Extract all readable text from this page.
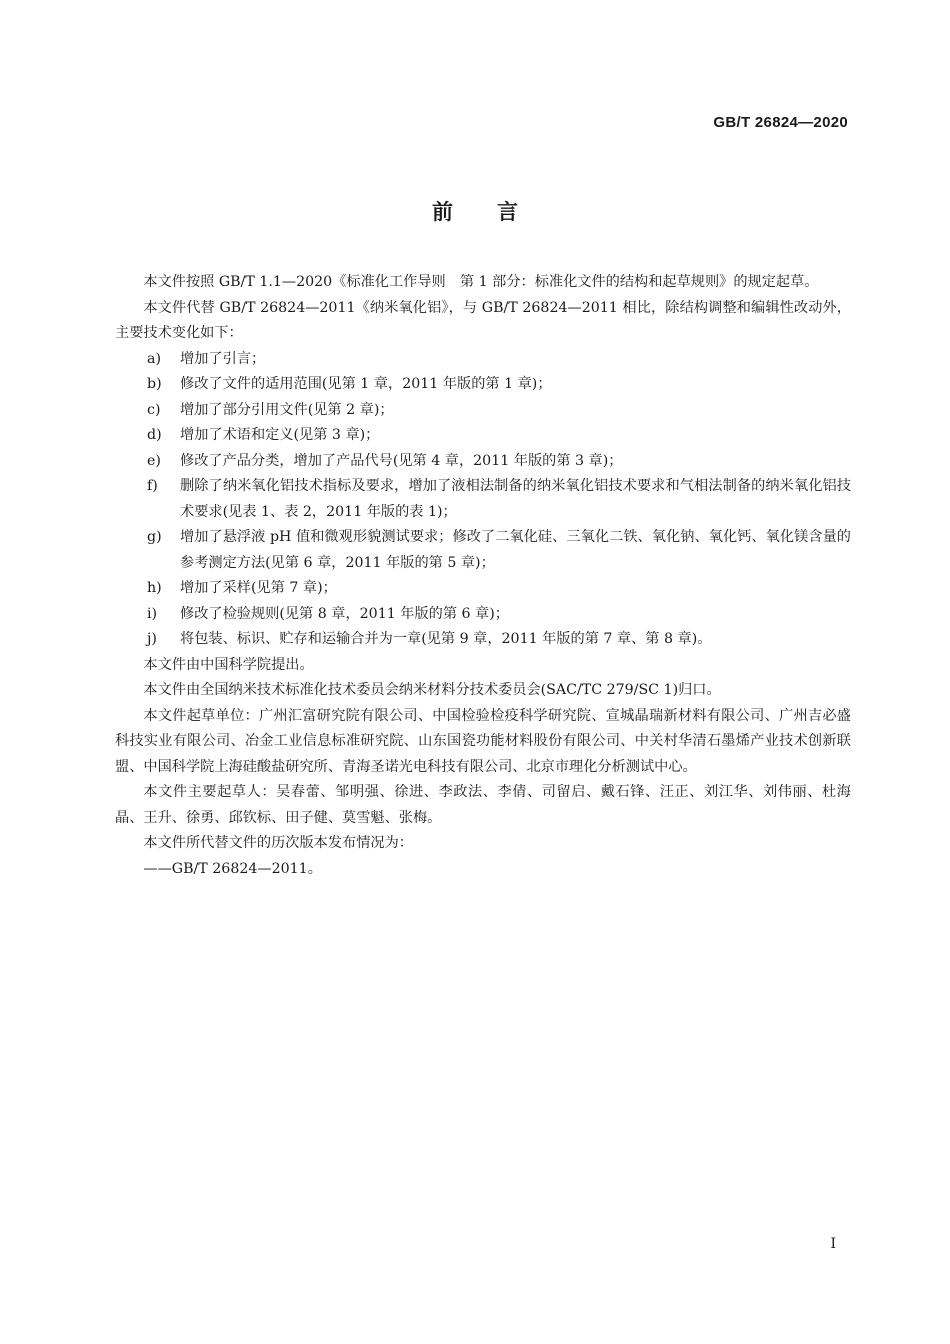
GB/T 26824—2020
前 言

本文件按照 GB/T 1.1—2020《标准化工作导则　第 1 部分：标准化文件的结构和起草规则》的规定起草。

本文件代替 GB/T 26824—2011《纳米氧化铝》，与 GB/T 26824—2011 相比，除结构调整和编辑性改动外，主要技术变化如下：

a) 增加了引言；

b) 修改了文件的适用范围(见第 1 章，2011 年版的第 1 章)；

c) 增加了部分引用文件(见第 2 章)；

d) 增加了术语和定义(见第 3 章)；

e) 修改了产品分类，增加了产品代号(见第 4 章，2011 年版的第 3 章)；

f) 删除了纳米氧化铝技术指标及要求，增加了液相法制备的纳米氧化铝技术要求和气相法制备的纳米氧化铝技术要求(见表 1、表 2，2011 年版的表 1)；

g) 增加了悬浮液 pH 值和微观形貌测试要求；修改了二氧化硅、三氧化二铁、氧化钠、氧化钙、氧化镁含量的参考测定方法(见第 6 章，2011 年版的第 5 章)；

h) 增加了采样(见第 7 章)；

i) 修改了检验规则(见第 8 章，2011 年版的第 6 章)；

j) 将包装、标识、贮存和运输合并为一章(见第 9 章，2011 年版的第 7 章、第 8 章)。

本文件由中国科学院提出。

本文件由全国纳米技术标准化技术委员会纳米材料分技术委员会(SAC/TC 279/SC 1)归口。

本文件起草单位：广州汇富研究院有限公司、中国检验检疫科学研究院、宣城晶瑞新材料有限公司、广州吉必盛科技实业有限公司、冶金工业信息标准研究院、山东国瓷功能材料股份有限公司、中关村华清石墨烯产业技术创新联盟、中国科学院上海硅酸盐研究所、青海圣诺光电科技有限公司、北京市理化分析测试中心。

本文件主要起草人：吴春蕾、邹明强、徐进、李政法、李倩、司留启、戴石锋、汪正、刘江华、刘伟丽、杜海晶、王升、徐勇、邱钦标、田子健、莫雪魁、张梅。

本文件所代替文件的历次版本发布情况为：

——GB/T 26824—2011。

I
